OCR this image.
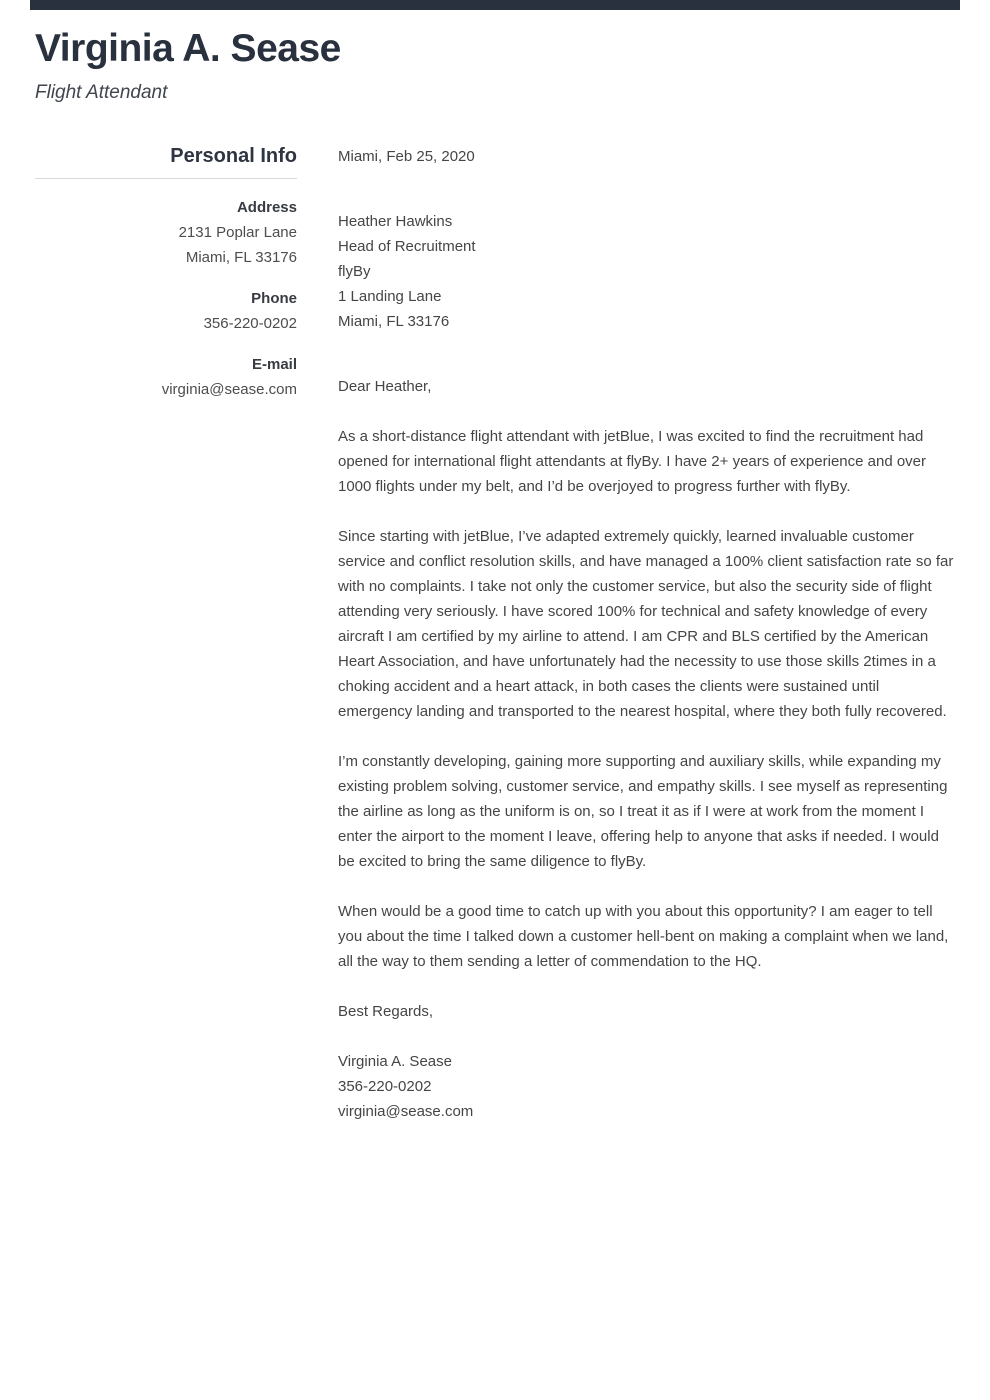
Virginia A. Sease
Flight Attendant
Personal Info
Address
2131 Poplar Lane
Miami, FL 33176
Phone
356-220-0202
E-mail
virginia@sease.com
Miami, Feb 25, 2020
Heather Hawkins
Head of Recruitment
flyBy
1 Landing Lane
Miami, FL 33176
Dear Heather,

As a short-distance flight attendant with jetBlue, I was excited to find the recruitment had opened for international flight attendants at flyBy. I have 2+ years of experience and over 1000 flights under my belt, and I’d be overjoyed to progress further with flyBy.

Since starting with jetBlue, I’ve adapted extremely quickly, learned invaluable customer service and conflict resolution skills, and have managed a 100% client satisfaction rate so far with no complaints. I take not only the customer service, but also the security side of flight attending very seriously. I have scored 100% for technical and safety knowledge of every aircraft I am certified by my airline to attend. I am CPR and BLS certified by the American Heart Association, and have unfortunately had the necessity to use those skills 2times in a choking accident and a heart attack, in both cases the clients were sustained until emergency landing and transported to the nearest hospital, where they both fully recovered.

I’m constantly developing, gaining more supporting and auxiliary skills, while expanding my existing problem solving, customer service, and empathy skills. I see myself as representing the airline as long as the uniform is on, so I treat it as if I were at work from the moment I enter the airport to the moment I leave, offering help to anyone that asks if needed. I would be excited to bring the same diligence to flyBy.

When would be a good time to catch up with you about this opportunity? I am eager to tell you about the time I talked down a customer hell-bent on making a complaint when we land, all the way to them sending a letter of commendation to the HQ.

Best Regards,
Virginia A. Sease
356-220-0202
virginia@sease.com
